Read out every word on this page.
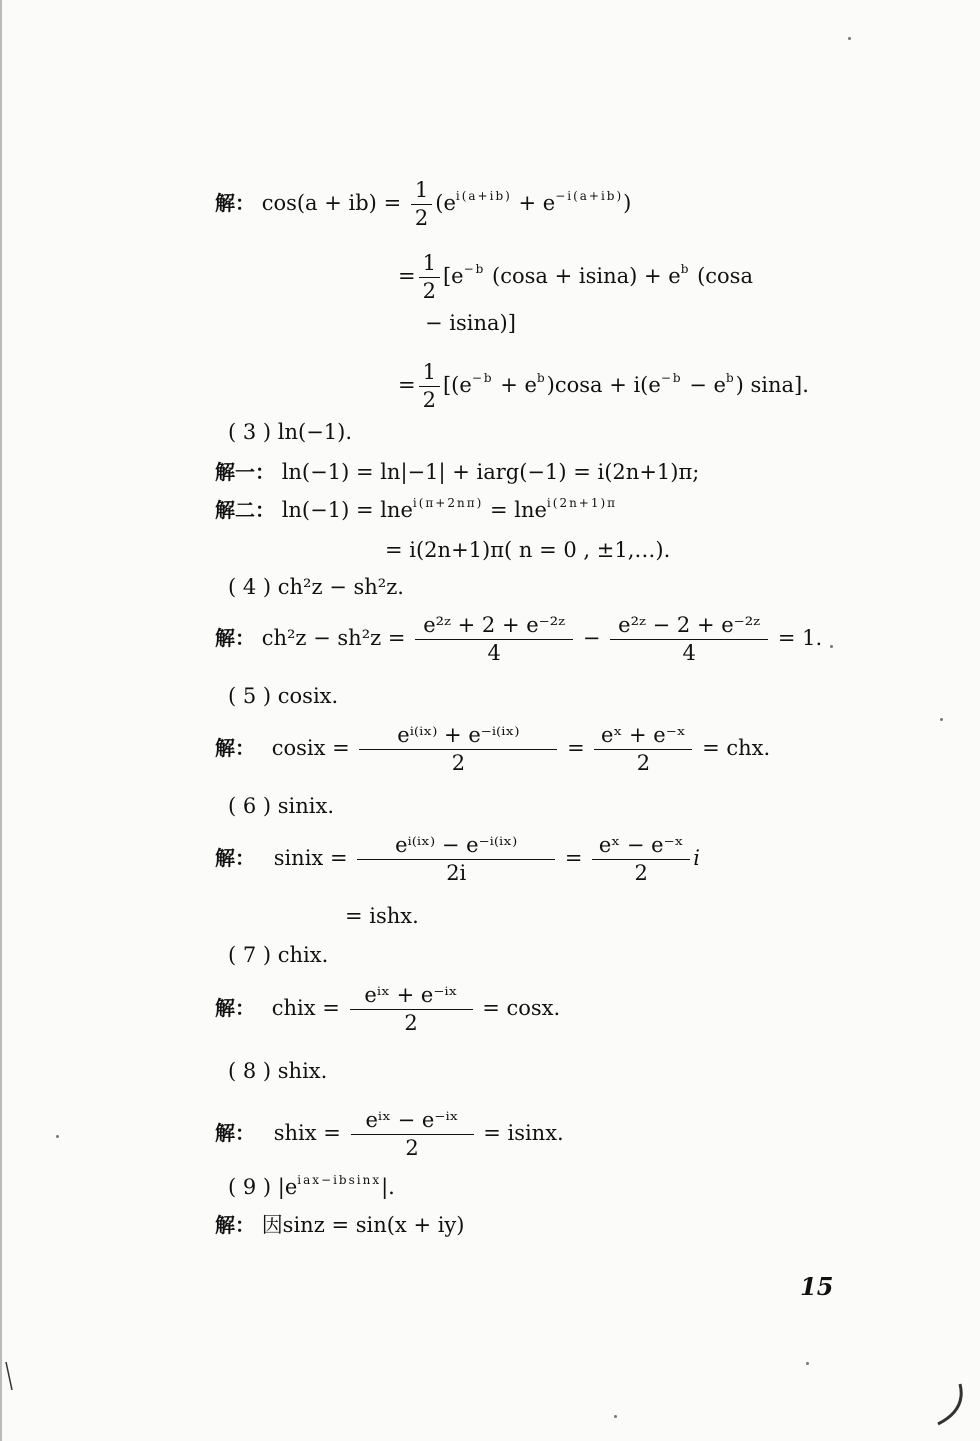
解： $\cos(a + ib) = \frac{1}{2} (e^{i(a+ib)} + e^{-i(a+ib)})$
= $\frac{1}{2} [e^{-b}$ $(\cos a + isina) + e^b$ (cosa
− isina)]
= $\frac{1}{2} [(e^{-b} + e^b)\cos a + i(e^{-b} - e^b)$ sina].
( 3 ) ln(−1).
解一： ln(−1) = ln|−1| + iarg(−1) = i(2n+1)π;
解二： ln(−1) = lne$^{i(\pi+2n\pi)}$ = lne$^{i(2n+1)\pi}$
= i(2n+1)π( n = 0 , ±1,…).
( 4 ) ch²z − sh²z.
解： $ch^2z - sh^2z = \frac{\text{e²ᶻ + 2 + e⁻²ᶻ}}{4} - \frac{\text{e²ᶻ − 2 + e⁻²ᶻ}}{4} = 1$.
( 5 ) cosix.
解： cosix = $\frac{\text{eⁱ⁽ⁱˣ⁾ + e⁻ⁱ⁽ⁱˣ⁾}}{2} = \frac{\text{eˣ + e⁻ˣ}}{2}$ = chx.
( 6 ) sinix.
解： sinix = $\frac{\text{eⁱ⁽ⁱˣ⁾ − e⁻ⁱ⁽ⁱˣ⁾}}{2i} = \frac{\text{eˣ − e⁻ˣ}}{2}$ i
= ishx.
( 7 ) chix.
解： chix = $\frac{\text{eⁱˣ + e⁻ⁱˣ}}{2} = \cos x$.
( 8 ) shix.
解： shix = $\frac{\text{eⁱˣ − e⁻ⁱˣ}}{2} = isinx$.
( 9 ) $|e^{iax-ibsinx}|$.
解： 因sinz = sin(x + iy)
15
